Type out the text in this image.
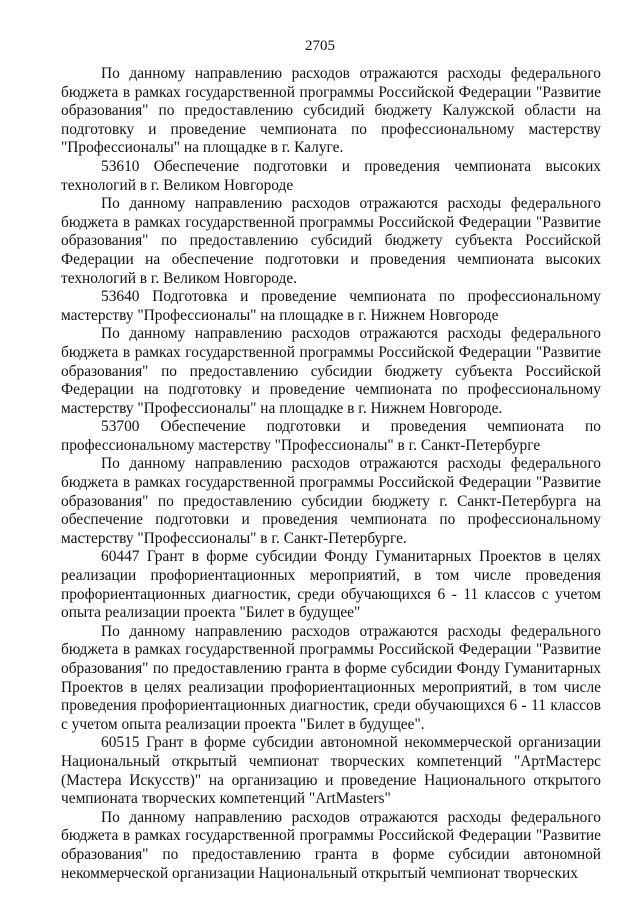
2705

По данному направлению расходов отражаются расходы федерального бюджета в рамках государственной программы Российской Федерации "Развитие образования" по предоставлению субсидий бюджету Калужской области на подготовку и проведение чемпионата по профессиональному мастерству "Профессионалы" на площадке в г. Калуге.

53610 Обеспечение подготовки и проведения чемпионата высоких технологий в г. Великом Новгороде

По данному направлению расходов отражаются расходы федерального бюджета в рамках государственной программы Российской Федерации "Развитие образования" по предоставлению субсидий бюджету субъекта Российской Федерации на обеспечение подготовки и проведения чемпионата высоких технологий в г. Великом Новгороде.

53640 Подготовка и проведение чемпионата по профессиональному мастерству "Профессионалы" на площадке в г. Нижнем Новгороде

По данному направлению расходов отражаются расходы федерального бюджета в рамках государственной программы Российской Федерации "Развитие образования" по предоставлению субсидии бюджету субъекта Российской Федерации на подготовку и проведение чемпионата по профессиональному мастерству "Профессионалы" на площадке в г. Нижнем Новгороде.

53700 Обеспечение подготовки и проведения чемпионата по профессиональному мастерству "Профессионалы" в г. Санкт-Петербурге

По данному направлению расходов отражаются расходы федерального бюджета в рамках государственной программы Российской Федерации "Развитие образования" по предоставлению субсидии бюджету г. Санкт-Петербурга на обеспечение подготовки и проведения чемпионата по профессиональному мастерству "Профессионалы" в г. Санкт-Петербурге.

60447 Грант в форме субсидии Фонду Гуманитарных Проектов в целях реализации профориентационных мероприятий, в том числе проведения профориентационных диагностик, среди обучающихся 6 - 11 классов с учетом опыта реализации проекта "Билет в будущее"

По данному направлению расходов отражаются расходы федерального бюджета в рамках государственной программы Российской Федерации "Развитие образования" по предоставлению гранта в форме субсидии Фонду Гуманитарных Проектов в целях реализации профориентационных мероприятий, в том числе проведения профориентационных диагностик, среди обучающихся 6 - 11 классов с учетом опыта реализации проекта "Билет в будущее".

60515 Грант в форме субсидии автономной некоммерческой организации Национальный открытый чемпионат творческих компетенций "АртМастерс (Мастера Искусств)" на организацию и проведение Национального открытого чемпионата творческих компетенций "ArtMasters"

По данному направлению расходов отражаются расходы федерального бюджета в рамках государственной программы Российской Федерации "Развитие образования" по предоставлению гранта в форме субсидии автономной некоммерческой организации Национальный открытый чемпионат творческих
